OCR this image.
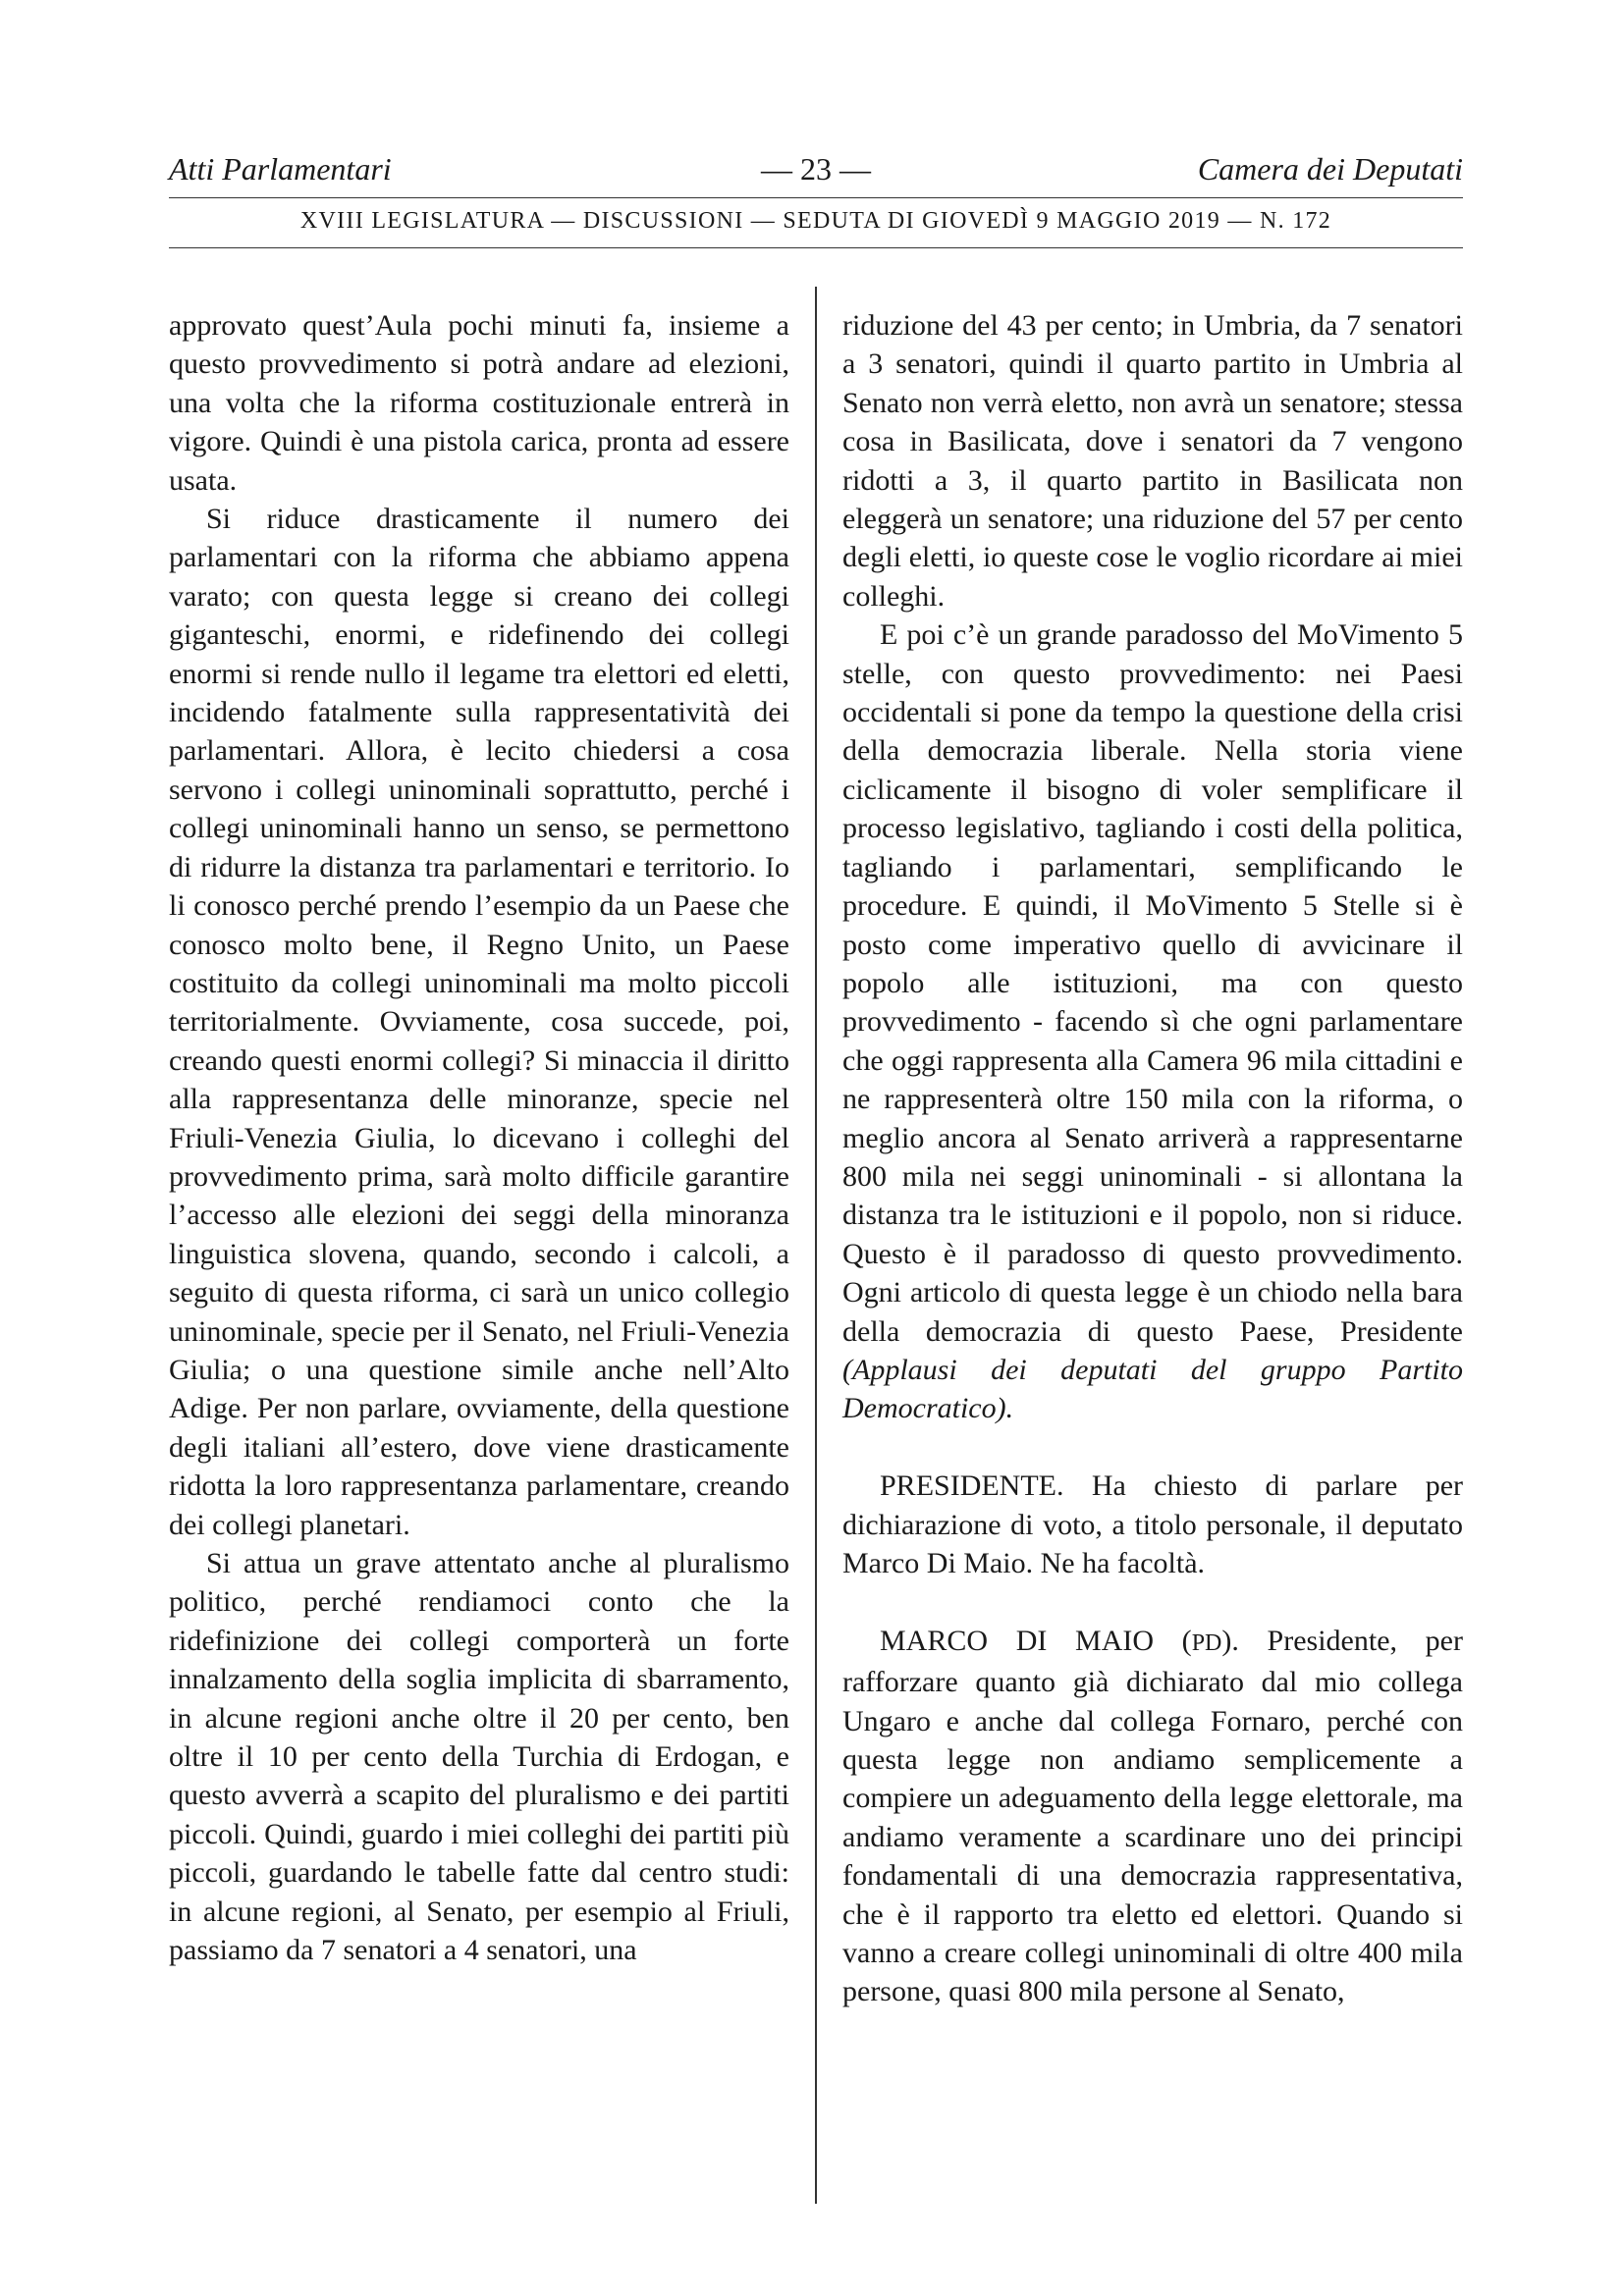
Atti Parlamentari	— 23 —	Camera dei Deputati
XVIII LEGISLATURA — DISCUSSIONI — SEDUTA DI GIOVEDÌ 9 MAGGIO 2019 — N. 172

approvato quest’Aula pochi minuti fa, insieme a questo provvedimento si potrà andare ad elezioni, una volta che la riforma costituzionale entrerà in vigore. Quindi è una pistola carica, pronta ad essere usata.

Si riduce drasticamente il numero dei parlamentari con la riforma che abbiamo appena varato; con questa legge si creano dei collegi giganteschi, enormi, e ridefinendo dei collegi enormi si rende nullo il legame tra elettori ed eletti, incidendo fatalmente sulla rappresentatività dei parlamentari. Allora, è lecito chiedersi a cosa servono i collegi uninominali soprattutto, perché i collegi uninominali hanno un senso, se permettono di ridurre la distanza tra parlamentari e territorio. Io li conosco perché prendo l’esempio da un Paese che conosco molto bene, il Regno Unito, un Paese costituito da collegi uninominali ma molto piccoli territorialmente. Ovviamente, cosa succede, poi, creando questi enormi collegi? Si minaccia il diritto alla rappresentanza delle minoranze, specie nel Friuli-Venezia Giulia, lo dicevano i colleghi del provvedimento prima, sarà molto difficile garantire l’accesso alle elezioni dei seggi della minoranza linguistica slovena, quando, secondo i calcoli, a seguito di questa riforma, ci sarà un unico collegio uninominale, specie per il Senato, nel Friuli-Venezia Giulia; o una questione simile anche nell’Alto Adige. Per non parlare, ovviamente, della questione degli italiani all’estero, dove viene drasticamente ridotta la loro rappresentanza parlamentare, creando dei collegi planetari.

Si attua un grave attentato anche al pluralismo politico, perché rendiamoci conto che la ridefinizione dei collegi comporterà un forte innalzamento della soglia implicita di sbarramento, in alcune regioni anche oltre il 20 per cento, ben oltre il 10 per cento della Turchia di Erdogan, e questo avverrà a scapito del pluralismo e dei partiti piccoli. Quindi, guardo i miei colleghi dei partiti più piccoli, guardando le tabelle fatte dal centro studi: in alcune regioni, al Senato, per esempio al Friuli, passiamo da 7 senatori a 4 senatori, una

riduzione del 43 per cento; in Umbria, da 7 senatori a 3 senatori, quindi il quarto partito in Umbria al Senato non verrà eletto, non avrà un senatore; stessa cosa in Basilicata, dove i senatori da 7 vengono ridotti a 3, il quarto partito in Basilicata non eleggerà un senatore; una riduzione del 57 per cento degli eletti, io queste cose le voglio ricordare ai miei colleghi.

E poi c’è un grande paradosso del MoVimento 5 stelle, con questo provvedimento: nei Paesi occidentali si pone da tempo la questione della crisi della democrazia liberale. Nella storia viene ciclicamente il bisogno di voler semplificare il processo legislativo, tagliando i costi della politica, tagliando i parlamentari, semplificando le procedure. E quindi, il MoVimento 5 Stelle si è posto come imperativo quello di avvicinare il popolo alle istituzioni, ma con questo provvedimento - facendo sì che ogni parlamentare che oggi rappresenta alla Camera 96 mila cittadini e ne rappresenterà oltre 150 mila con la riforma, o meglio ancora al Senato arriverà a rappresentarne 800 mila nei seggi uninominali - si allontana la distanza tra le istituzioni e il popolo, non si riduce. Questo è il paradosso di questo provvedimento. Ogni articolo di questa legge è un chiodo nella bara della democrazia di questo Paese, Presidente (Applausi dei deputati del gruppo Partito Democratico).

PRESIDENTE. Ha chiesto di parlare per dichiarazione di voto, a titolo personale, il deputato Marco Di Maio. Ne ha facoltà.

MARCO DI MAIO (PD). Presidente, per rafforzare quanto già dichiarato dal mio collega Ungaro e anche dal collega Fornaro, perché con questa legge non andiamo semplicemente a compiere un adeguamento della legge elettorale, ma andiamo veramente a scardinare uno dei principi fondamentali di una democrazia rappresentativa, che è il rapporto tra eletto ed elettori. Quando si vanno a creare collegi uninominali di oltre 400 mila persone, quasi 800 mila persone al Senato,
